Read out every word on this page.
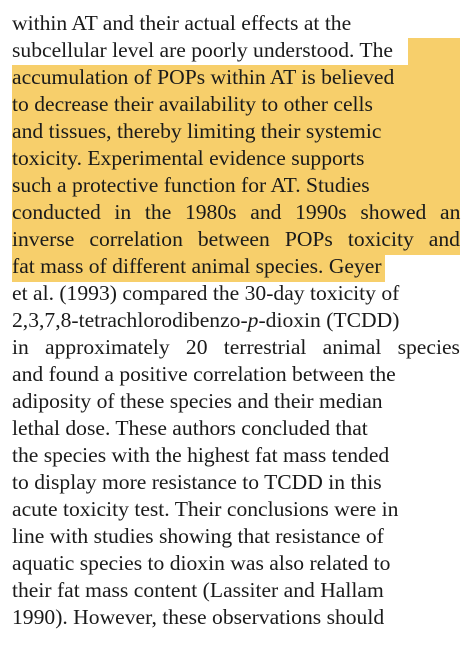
within AT and their actual effects at the
subcellular level are poorly understood. The
accumulation of POPs within AT is believed
to decrease their availability to other cells
and tissues, thereby limiting their systemic
toxicity. Experimental evidence supports
such a protective function for AT. Studies
conducted in the 1980s and 1990s showed an
inverse correlation between POPs toxicity and
fat mass of different animal species. Geyer
et al. (1993) compared the 30-day toxicity of
2,3,7,8-tetrachlorodibenzo-p-dioxin (TCDD)
in approximately 20 terrestrial animal species
and found a positive correlation between the
adiposity of these species and their median
lethal dose. These authors concluded that
the species with the highest fat mass tended
to display more resistance to TCDD in this
acute toxicity test. Their conclusions were in
line with studies showing that resistance of
aquatic species to dioxin was also related to
their fat mass content (Lassiter and Hallam
1990). However, these observations should
